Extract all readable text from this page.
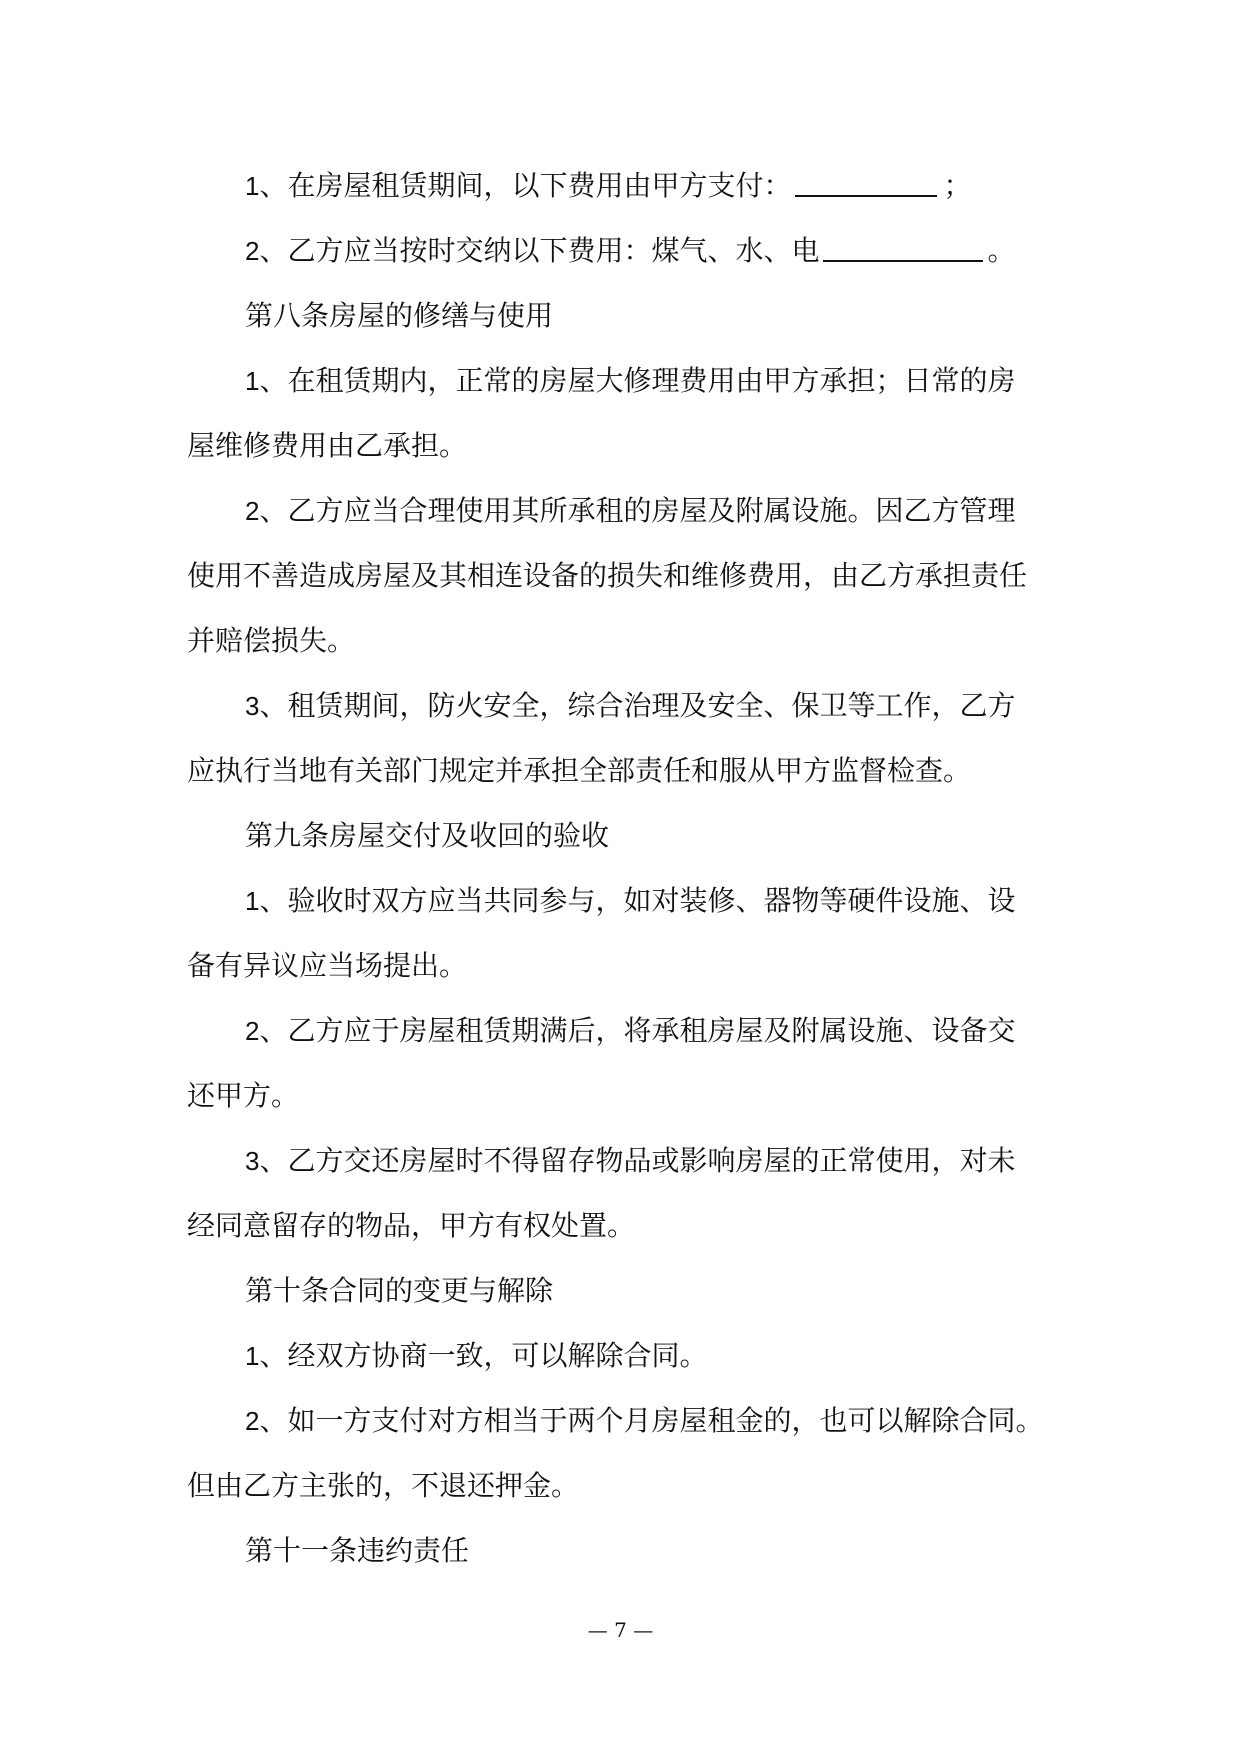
1、在房屋租赁期间，以下费用由甲方支付：	；
2、乙方应当按时交纳以下费用：煤气、水、电	。
第八条房屋的修缮与使用
1、在租赁期内，正常的房屋大修理费用由甲方承担；日常的房
屋维修费用由乙承担。
2、乙方应当合理使用其所承租的房屋及附属设施。因乙方管理
使用不善造成房屋及其相连设备的损失和维修费用，由乙方承担责任
并赔偿损失。
3、租赁期间，防火安全，综合治理及安全、保卫等工作，乙方
应执行当地有关部门规定并承担全部责任和服从甲方监督检查。
第九条房屋交付及收回的验收
1、验收时双方应当共同参与，如对装修、器物等硬件设施、设
备有异议应当场提出。
2、乙方应于房屋租赁期满后，将承租房屋及附属设施、设备交
还甲方。
3、乙方交还房屋时不得留存物品或影响房屋的正常使用，对未
经同意留存的物品，甲方有权处置。
第十条合同的变更与解除
1、经双方协商一致，可以解除合同。
2、如一方支付对方相当于两个月房屋租金的，也可以解除合同。
但由乙方主张的，不退还押金。
第十一条违约责任
— 7 —
